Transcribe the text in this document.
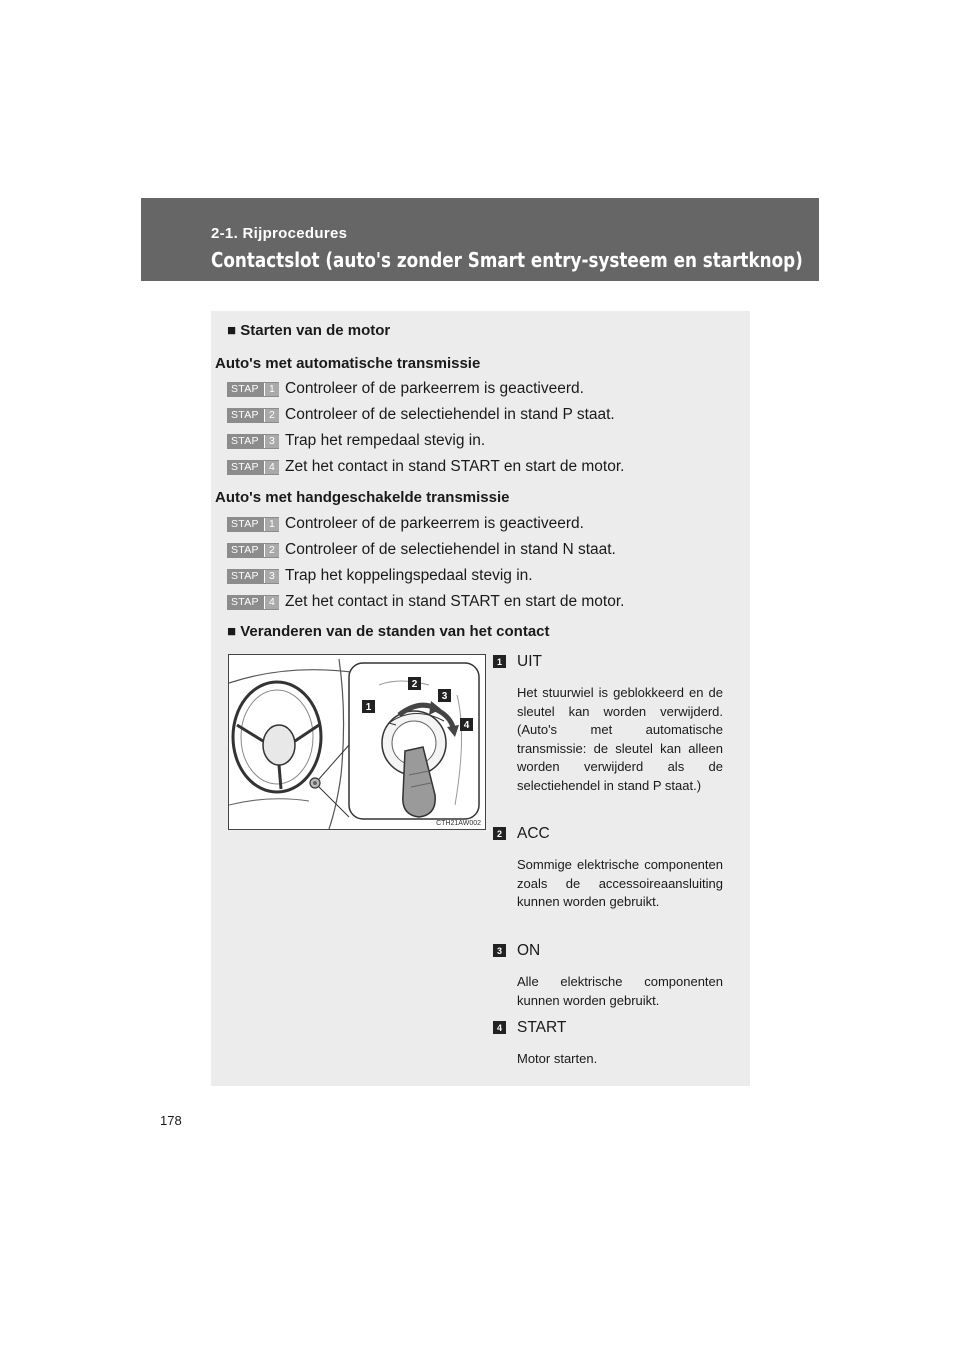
2-1. Rijprocedures
Contactslot (auto's zonder Smart entry-systeem en startknop)
■ Starten van de motor
Auto's met automatische transmissie
STAP 1 Controleer of de parkeerrem is geactiveerd.
STAP 2 Controleer of de selectiehendel in stand P staat.
STAP 3 Trap het rempedaal stevig in.
STAP 4 Zet het contact in stand START en start de motor.
Auto's met handgeschakelde transmissie
STAP 1 Controleer of de parkeerrem is geactiveerd.
STAP 2 Controleer of de selectiehendel in stand N staat.
STAP 3 Trap het koppelingspedaal stevig in.
STAP 4 Zet het contact in stand START en start de motor.
■ Veranderen van de standen van het contact
1
2
3
4
CTH21AW002
1 UIT
Het stuurwiel is geblokkeerd en de sleutel kan worden verwijderd. (Auto's met automatische transmissie: de sleutel kan alleen worden verwijderd als de selectiehendel in stand P staat.)
2 ACC
Sommige elektrische componenten zoals de accessoireaansluiting kunnen worden gebruikt.
3 ON
Alle elektrische componenten kunnen worden gebruikt.
4 START
Motor starten.
178
